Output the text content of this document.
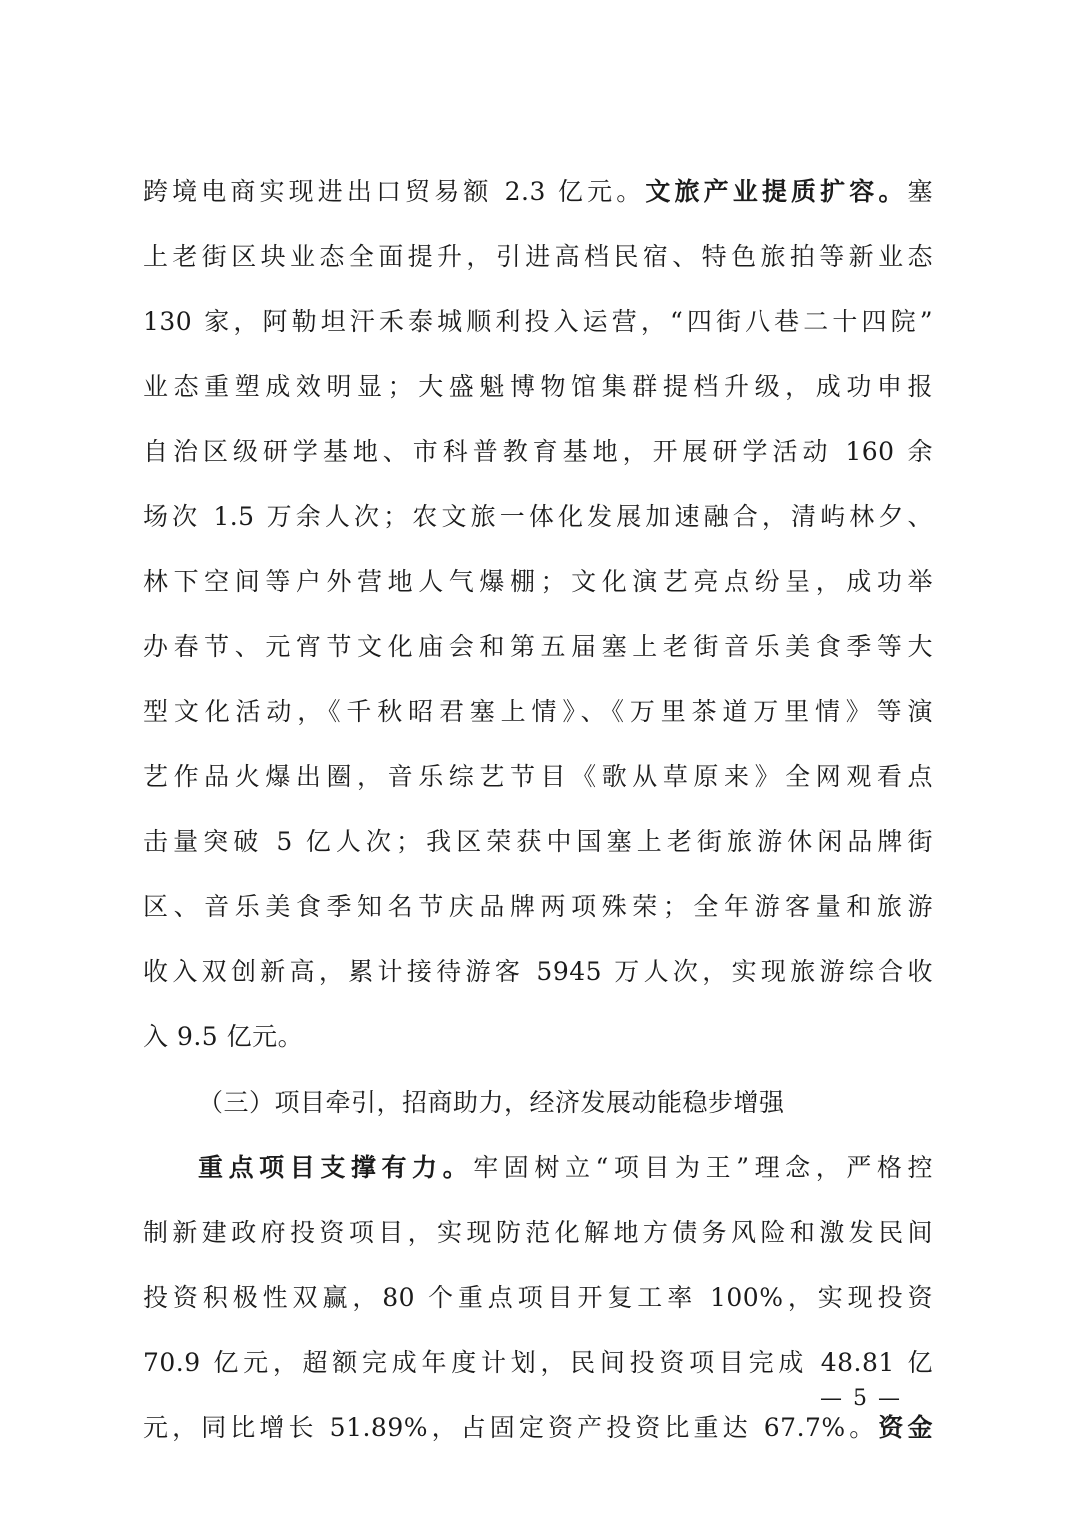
跨境电商实现进出口贸易额 2.3 亿元。文旅产业提质扩容。塞
上老街区块业态全面提升，引进高档民宿、特色旅拍等新业态
130 家，阿勒坦汗禾泰城顺利投入运营，“四街八巷二十四院”
业态重塑成效明显；大盛魁博物馆集群提档升级，成功申报
自治区级研学基地、市科普教育基地，开展研学活动 160 余
场次 1.5 万余人次；农文旅一体化发展加速融合，清屿林夕、
林下空间等户外营地人气爆棚；文化演艺亮点纷呈，成功举
办春节、元宵节文化庙会和第五届塞上老街音乐美食季等大
型文化活动，《千秋昭君塞上情》、《万里茶道万里情》等演
艺作品火爆出圈，音乐综艺节目《歌从草原来》全网观看点
击量突破 5 亿人次；我区荣获中国塞上老街旅游休闲品牌街
区、音乐美食季知名节庆品牌两项殊荣；全年游客量和旅游
收入双创新高，累计接待游客 5945 万人次，实现旅游综合收
入 9.5 亿元。
（三）项目牵引，招商助力，经济发展动能稳步增强
重点项目支撑有力。牢固树立“项目为王”理念，严格控
制新建政府投资项目，实现防范化解地方债务风险和激发民间
投资积极性双赢，80 个重点项目开复工率 100%，实现投资
70.9 亿元，超额完成年度计划，民间投资项目完成 48.81 亿
元，同比增长 51.89%，占固定资产投资比重达 67.7%。资金
— 5 —
